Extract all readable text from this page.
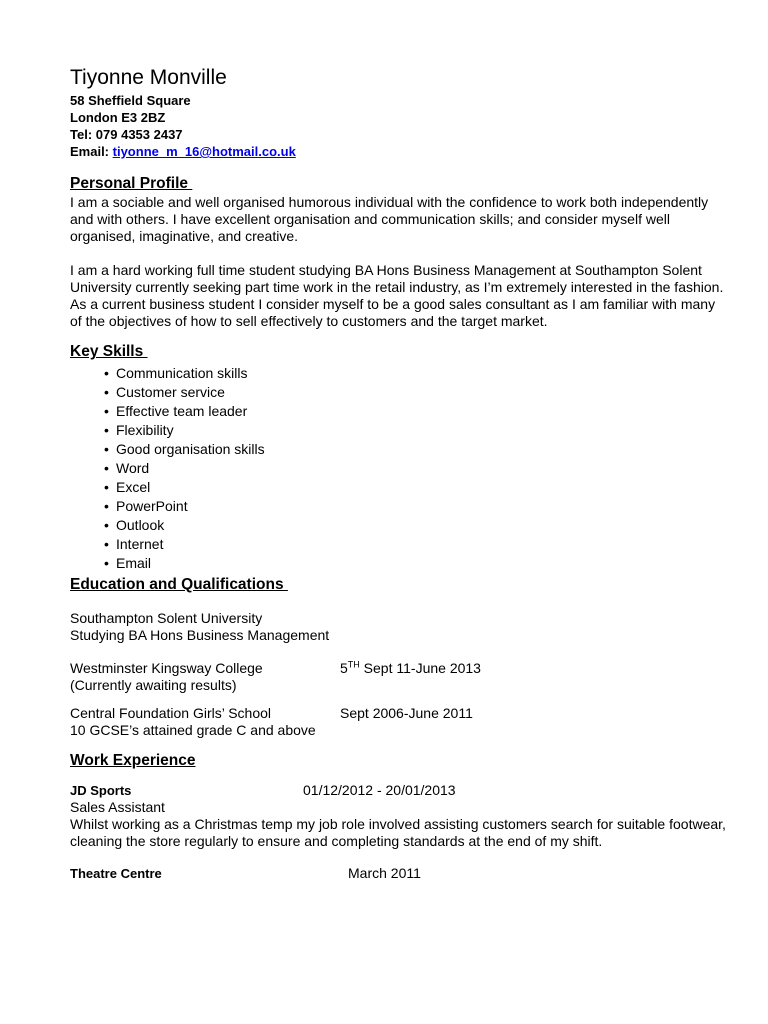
Tiyonne Monville
58 Sheffield Square
London E3 2BZ
Tel: 079 4353 2437
Email: tiyonne_m_16@hotmail.co.uk
Personal Profile

I am a sociable and well organised humorous individual with the confidence to work both independently and with others. I have excellent organisation and communication skills; and consider myself well organised, imaginative, and creative.

I am a hard working full time student studying BA Hons Business Management at Southampton Solent University currently seeking part time work in the retail industry, as I’m extremely interested in the fashion. As a current business student I consider myself to be a good sales consultant as I am familiar with many of the objectives of how to sell effectively to customers and the target market.

Key Skills
• Communication skills
• Customer service
• Effective team leader
• Flexibility
• Good organisation skills
• Word
• Excel
• PowerPoint
• Outlook
• Internet
• Email
Education and Qualifications
Southampton Solent University
Studying BA Hons Business Management
Westminster Kingsway College	5TH Sept 11-June 2013
(Currently awaiting results)
Central Foundation Girls’ School	Sept 2006-June 2011
10 GCSE’s attained grade C and above
Work Experience
JD Sports	01/12/2012 - 20/01/2013
Sales Assistant

Whilst working as a Christmas temp my job role involved assisting customers search for suitable footwear, cleaning the store regularly to ensure and completing standards at the end of my shift.

Theatre Centre	March 2011
